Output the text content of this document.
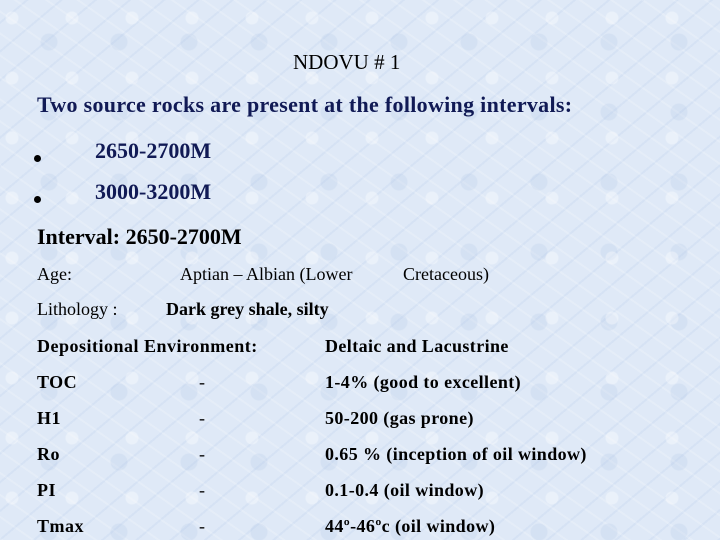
NDOVU # 1
Two source rocks are present at the following intervals:
2650-2700M
3000-3200M
Interval: 2650-2700M
Age:	Aptian – Albian (Lower	Cretaceous)
Lithology :	Dark grey shale, silty
Depositional Environment:	Deltaic and Lacustrine
TOC	-	1-4% (good to excellent)
H1	-	50-200 (gas prone)
Ro	-	0.65 % (inception of oil window)
PI	-	0.1-0.4 (oil window)
Tmax	-	44º-46ºc (oil window)
